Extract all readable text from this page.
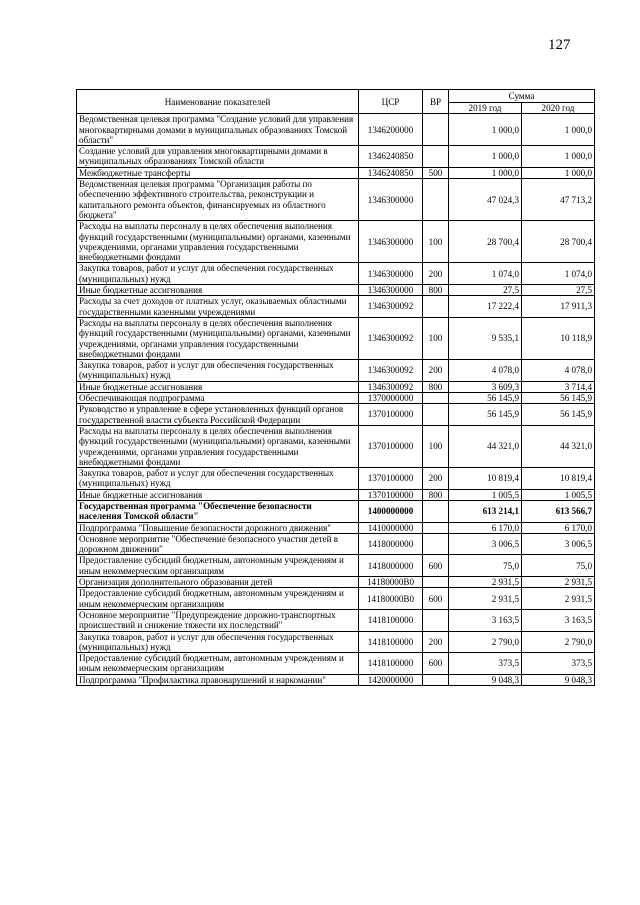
127
Наименование показателей	ЦСР	ВР	Сумма	
			2019 год	2020 год
Ведомственная целевая программа "Создание условий для управления многоквартирными домами в муниципальных образованиях Томской области"	1346200000		1 000,0	1 000,0
Создание условий для управления многоквартирными домами в муниципальных образованиях Томской области	1346240850		1 000,0	1 000,0
Межбюджетные трансферты	1346240850	500	1 000,0	1 000,0
Ведомственная целевая программа "Организация работы по обеспечению эффективного строительства, реконструкции и капитального ремонта объектов, финансируемых из областного бюджета"	1346300000		47 024,3	47 713,2
Расходы на выплаты персоналу в целях обеспечения выполнения функций государственными (муниципальными) органами, казенными учреждениями, органами управления государственными внебюджетными фондами	1346300000	100	28 700,4	28 700,4
Закупка товаров, работ и услуг для обеспечения государственных (муниципальных) нужд	1346300000	200	1 074,0	1 074,0
Иные бюджетные ассигнования	1346300000	800	27,5	27,5
Расходы за счет доходов от платных услуг, оказываемых областными государственными казенными учреждениями	1346300092		17 222,4	17 911,3
Расходы на выплаты персоналу в целях обеспечения выполнения функций государственными (муниципальными) органами, казенными учреждениями, органами управления государственными внебюджетными фондами	1346300092	100	9 535,1	10 118,9
Закупка товаров, работ и услуг для обеспечения государственных (муниципальных) нужд	1346300092	200	4 078,0	4 078,0
Иные бюджетные ассигнования	1346300092	800	3 609,3	3 714,4
Обеспечивающая подпрограмма	1370000000		56 145,9	56 145,9
Руководство и управление в сфере установленных функций органов государственной власти субъекта Российской Федерации	1370100000		56 145,9	56 145,9
Расходы на выплаты персоналу в целях обеспечения выполнения функций государственными (муниципальными) органами, казенными учреждениями, органами управления государственными внебюджетными фондами	1370100000	100	44 321,0	44 321,0
Закупка товаров, работ и услуг для обеспечения государственных (муниципальных) нужд	1370100000	200	10 819,4	10 819,4
Иные бюджетные ассигнования	1370100000	800	1 005,5	1 005,5
Государственная программа "Обеспечение безопасности населения Томской области"	1400000000		613 214,1	613 566,7
Подпрограмма "Повышение безопасности дорожного движения"	1410000000		6 170,0	6 170,0
Основное мероприятие "Обеспечение безопасного участия детей в дорожном движении"	1418000000		3 006,5	3 006,5
Предоставление субсидий бюджетным, автономным учреждениям и иным некоммерческим организациям	1418000000	600	75,0	75,0
Организация дополнительного образования детей	14180000В0		2 931,5	2 931,5
Предоставление субсидий бюджетным, автономным учреждениям и иным некоммерческим организациям	14180000В0	600	2 931,5	2 931,5
Основное мероприятие "Предупреждение дорожно-транспортных происшествий и снижение тяжести их последствий"	1418100000		3 163,5	3 163,5
Закупка товаров, работ и услуг для обеспечения государственных (муниципальных) нужд	1418100000	200	2 790,0	2 790,0
Предоставление субсидий бюджетным, автономным учреждениям и иным некоммерческим организациям	1418100000	600	373,5	373,5
Подпрограмма "Профилактика правонарушений и наркомании"	1420000000		9 048,3	9 048,3
